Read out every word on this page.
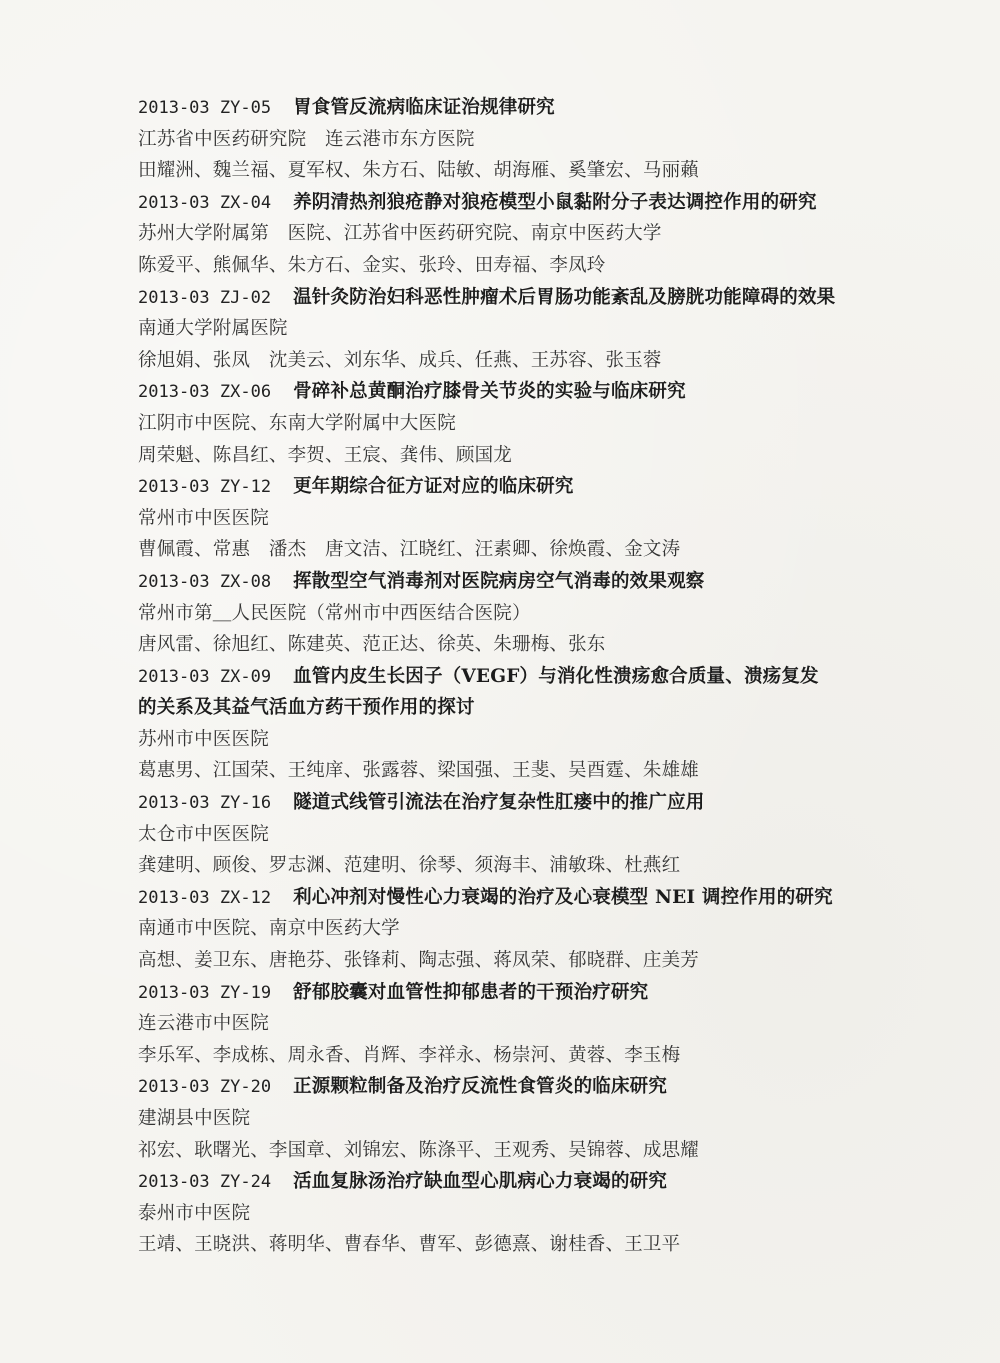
2013-03 ZY-05 胃食管反流病临床证治规律研究
江苏省中医药研究院　连云港市东方医院
田耀洲、魏兰福、夏军权、朱方石、陆敏、胡海雁、奚肇宏、马丽藾
2013-03 ZX-04 养阴清热剂狼疮静对狼疮模型小鼠黏附分子表达调控作用的研究
苏州大学附属第　医院、江苏省中医药研究院、南京中医药大学
陈爱平、熊佩华、朱方石、金实、张玲、田寿福、李凤玲
2013-03 ZJ-02 温针灸防治妇科恶性肿瘤术后胃肠功能紊乱及膀胱功能障碍的效果
南通大学附属医院
徐旭娟、张凤　沈美云、刘东华、成兵、任燕、王苏容、张玉蓉
2013-03 ZX-06 骨碎补总黄酮治疗膝骨关节炎的实验与临床研究
江阴市中医院、东南大学附属中大医院
周荣魁、陈昌红、李贺、王宸、龚伟、顾国龙
2013-03 ZY-12 更年期综合征方证对应的临床研究
常州市中医医院
曹佩霞、常惠　潘杰　唐文洁、江晓红、汪素卿、徐焕霞、金文涛
2013-03 ZX-08 挥散型空气消毒剂对医院病房空气消毒的效果观察
常州市第＿人民医院（常州市中西医结合医院）
唐风雷、徐旭红、陈建英、范正达、徐英、朱珊梅、张东
2013-03 ZX-09 血管内皮生长因子（VEGF）与消化性溃疡愈合质量、溃疡复发
的关系及其益气活血方药干预作用的探讨
苏州市中医医院
葛惠男、江国荣、王纯庠、张露蓉、梁国强、王斐、吴酉霆、朱雄雄
2013-03 ZY-16 隧道式线管引流法在治疗复杂性肛瘘中的推广应用
太仓市中医医院
龚建明、顾俊、罗志渊、范建明、徐琴、须海丰、浦敏珠、杜燕红
2013-03 ZX-12 利心冲剂对慢性心力衰竭的治疗及心衰模型 NEI 调控作用的研究
南通市中医院、南京中医药大学
高想、姜卫东、唐艳芬、张锋莉、陶志强、蒋凤荣、郁晓群、庄美芳
2013-03 ZY-19 舒郁胶囊对血管性抑郁患者的干预治疗研究
连云港市中医院
李乐军、李成栋、周永香、肖辉、李祥永、杨崇河、黄蓉、李玉梅
2013-03 ZY-20 正源颗粒制备及治疗反流性食管炎的临床研究
建湖县中医院
祁宏、耿曙光、李国章、刘锦宏、陈涤平、王观秀、吴锦蓉、成思耀
2013-03 ZY-24 活血复脉汤治疗缺血型心肌病心力衰竭的研究
泰州市中医院
王靖、王晓洪、蒋明华、曹春华、曹军、彭德熹、谢桂香、王卫平
